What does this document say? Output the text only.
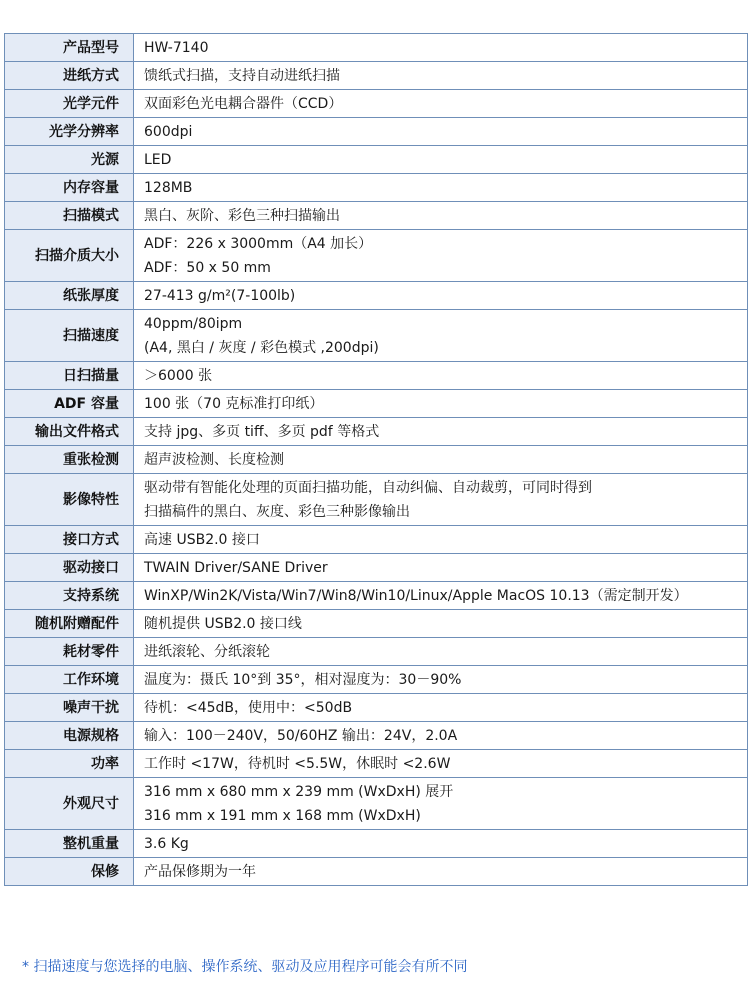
产品型号	HW-7140

进纸方式	馈纸式扫描，支持自动进纸扫描

光学元件	双面彩色光电耦合器件（CCD）

光学分辨率	600dpi

光源	LED

内存容量	128MB

扫描模式	黑白、灰阶、彩色三种扫描输出

扫描介质大小	ADF：226 x 3000mm（A4 加长）
ADF：50 x 50 mm

纸张厚度	27-413 g/m²(7-100lb)

扫描速度	40ppm/80ipm
(A4, 黑白 / 灰度 / 彩色模式 ,200dpi)

日扫描量	＞6000 张

ADF 容量	100 张（70 克标准打印纸）

输出文件格式	支持 jpg、多页 tiff、多页 pdf 等格式

重张检测	超声波检测、长度检测

影像特性	驱动带有智能化处理的页面扫描功能，自动纠偏、自动裁剪，可同时得到
扫描稿件的黑白、灰度、彩色三种影像输出

接口方式	高速 USB2.0 接口

驱动接口	TWAIN Driver/SANE Driver

支持系统	WinXP/Win2K/Vista/Win7/Win8/Win10/Linux/Apple MacOS 10.13（需定制开发）

随机附赠配件	随机提供 USB2.0 接口线

耗材零件	进纸滚轮、分纸滚轮

工作环境	温度为：摄氏 10°到 35°，相对湿度为：30－90%

噪声干扰	待机：<45dB，使用中：<50dB

电源规格	输入：100－240V，50/60HZ 输出：24V，2.0A

功率	工作时 <17W，待机时 <5.5W，休眠时 <2.6W

外观尺寸	316 mm x 680 mm x 239 mm (WxDxH) 展开
316 mm x 191 mm x 168 mm (WxDxH)

整机重量	3.6 Kg

保修	产品保修期为一年
* 扫描速度与您选择的电脑、操作系统、驱动及应用程序可能会有所不同
